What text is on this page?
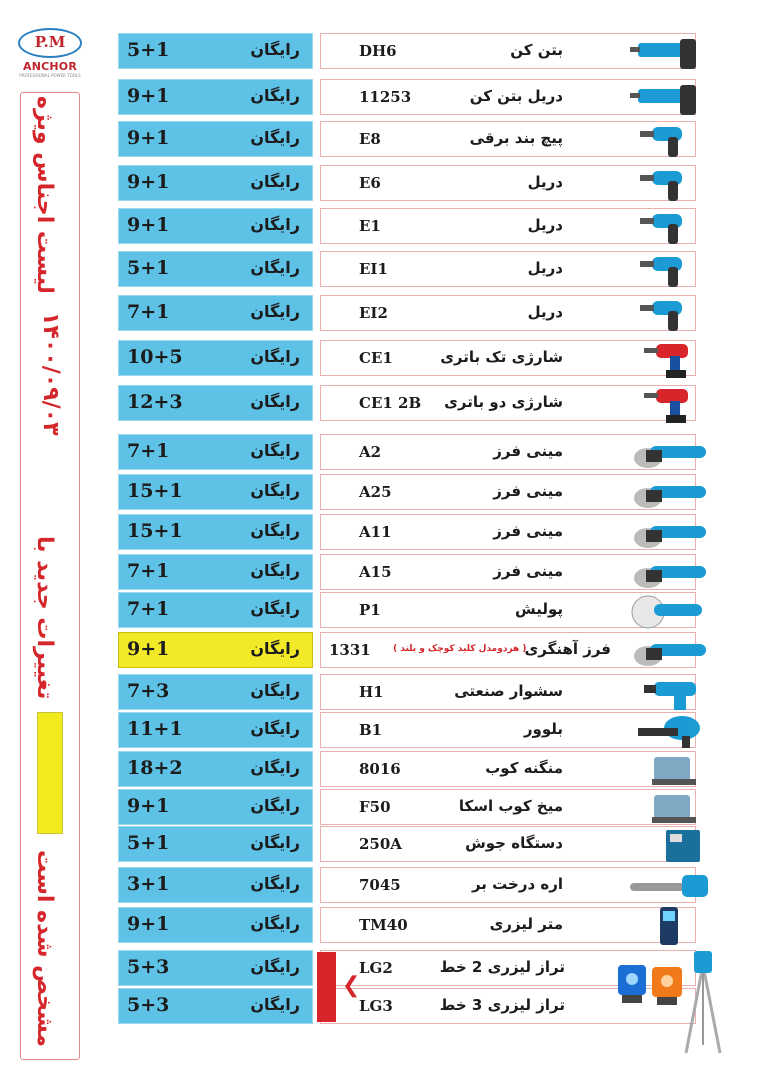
P.M
ANCHOR
PROFESSIONAL POWER TOOLS
لیست اجناس ویژه
۱۴۰۰/۰۹/۰۳
تغییرات جدید با
مشخص شده است
5+1	رایگان	DH6	بتن کن
9+1	رایگان	11253	دریل بتن کن
9+1	رایگان	E8	پیچ بند برقی
9+1	رایگان	E6	دریل
9+1	رایگان	E1	دریل
5+1	رایگان	EI1	دریل
7+1	رایگان	EI2	دریل
10+5	رایگان	CE1	شارژی تک باتری
12+3	رایگان	CE1 2B شارژی دو باتری
7+1	رایگان	A2	مینی فرز
15+1	رایگان	A25	مینی فرز
15+1	رایگان	A11	مینی فرز
7+1	رایگان	A15	مینی فرز
7+1	رایگان	P1	پولیش
9+1	رایگان 1331	فرز آهنگری
( هردومدل کلید کوچک و بلند )
7+3	رایگان	H1	سشوار صنعتی
11+1	رایگان	B1	بلوور
18+2	رایگان	8016	منگنه کوب
9+1	رایگان	F50	میخ کوب اسکا
5+1	رایگان	250A	دستگاه جوش
3+1	رایگان	7045	اره درخت بر
9+1	رایگان	TM40	متر لیزری
5+3	رایگان	LG2	تراز لیزری 2 خط
5+3	رایگان	LG3	تراز لیزری 3 خط
❮
